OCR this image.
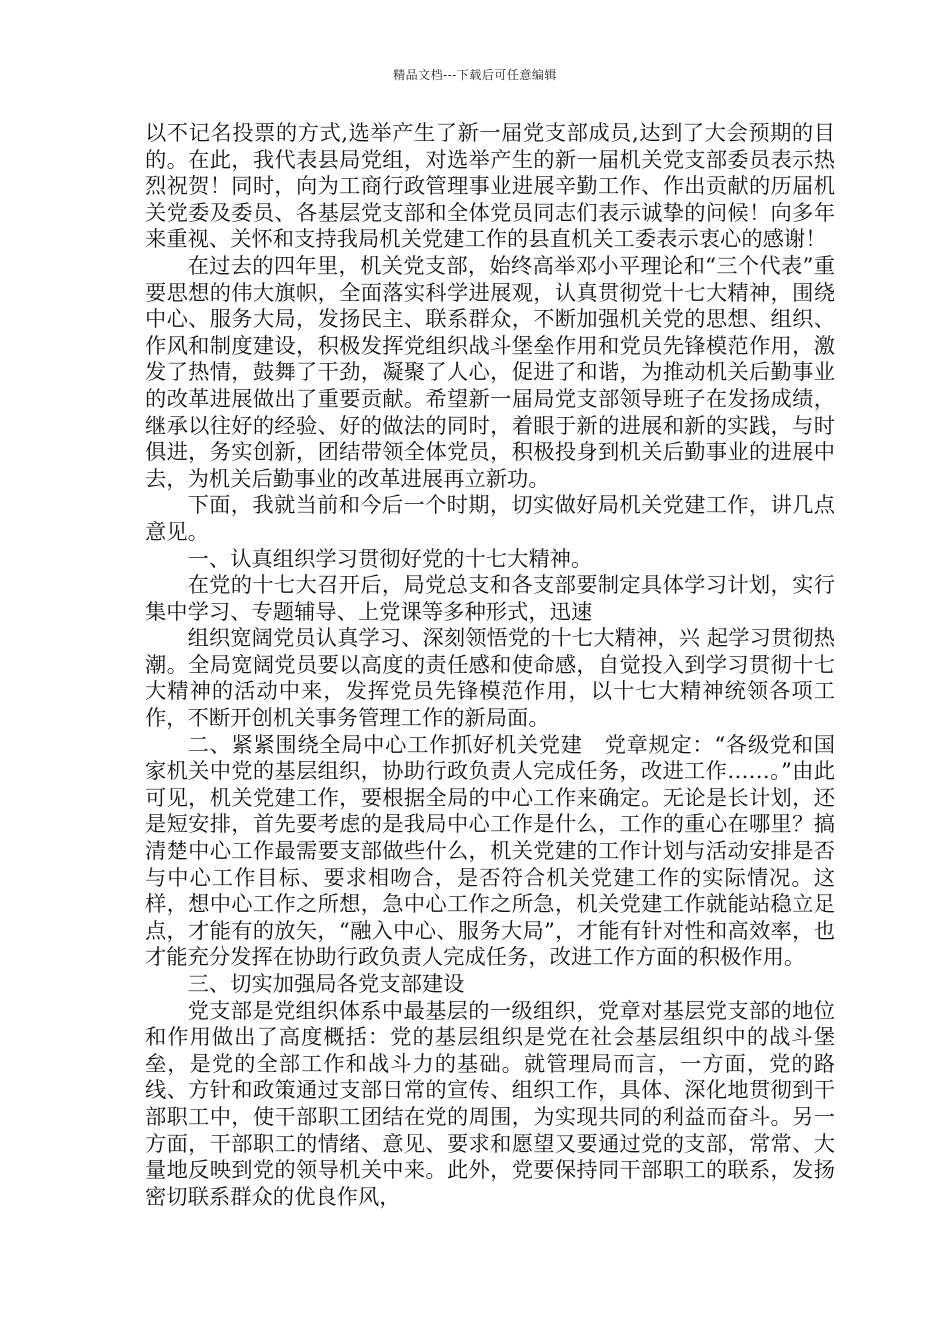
精品文档---下载后可任意编辑

以不记名投票的方式,选举产生了新一届党支部成员,达到了大会预期的目的。在此，我代表县局党组，对选举产生的新一届机关党支部委员表示热烈祝贺！同时，向为工商行政管理事业进展辛勤工作、作出贡献的历届机关党委及委员、各基层党支部和全体党员同志们表示诚挚的问候！向多年来重视、关怀和支持我局机关党建工作的县直机关工委表示衷心的感谢！

在过去的四年里，机关党支部，始终高举邓小平理论和“三个代表”重要思想的伟大旗帜，全面落实科学进展观，认真贯彻党十七大精神，围绕中心、服务大局，发扬民主、联系群众，不断加强机关党的思想、组织、作风和制度建设，积极发挥党组织战斗堡垒作用和党员先锋模范作用，激发了热情，鼓舞了干劲，凝聚了人心，促进了和谐，为推动机关后勤事业的改革进展做出了重要贡献。希望新一届局党支部领导班子在发扬成绩，继承以往好的经验、好的做法的同时，着眼于新的进展和新的实践，与时俱进，务实创新，团结带领全体党员，积极投身到机关后勤事业的进展中去，为机关后勤事业的改革进展再立新功。

下面，我就当前和今后一个时期，切实做好局机关党建工作，讲几点意见。

一、认真组织学习贯彻好党的十七大精神。

在党的十七大召开后，局党总支和各支部要制定具体学习计划，实行集中学习、专题辅导、上党课等多种形式，迅速

组织宽阔党员认真学习、深刻领悟党的十七大精神，兴 起学习贯彻热潮。全局宽阔党员要以高度的责任感和使命感，自觉投入到学习贯彻十七大精神的活动中来，发挥党员先锋模范作用，以十七大精神统领各项工作，不断开创机关事务管理工作的新局面。

二、紧紧围绕全局中心工作抓好机关党建　党章规定：“各级党和国家机关中党的基层组织，协助行政负责人完成任务，改进工作……。”由此可见，机关党建工作，要根据全局的中心工作来确定。无论是长计划，还是短安排，首先要考虑的是我局中心工作是什么，工作的重心在哪里？搞清楚中心工作最需要支部做些什么，机关党建的工作计划与活动安排是否与中心工作目标、要求相吻合，是否符合机关党建工作的实际情况。这样，想中心工作之所想，急中心工作之所急，机关党建工作就能站稳立足点，才能有的放矢，“融入中心、服务大局”，才能有针对性和高效率，也才能充分发挥在协助行政负责人完成任务，改进工作方面的积极作用。

三、切实加强局各党支部建设

党支部是党组织体系中最基层的一级组织，党章对基层党支部的地位和作用做出了高度概括：党的基层组织是党在社会基层组织中的战斗堡垒，是党的全部工作和战斗力的基础。就管理局而言，一方面，党的路线、方针和政策通过支部日常的宣传、组织工作，具体、深化地贯彻到干部职工中，使干部职工团结在党的周围，为实现共同的利益而奋斗。另一方面，干部职工的情绪、意见、要求和愿望又要通过党的支部，常常、大量地反映到党的领导机关中来。此外，党要保持同干部职工的联系，发扬密切联系群众的优良作风，
